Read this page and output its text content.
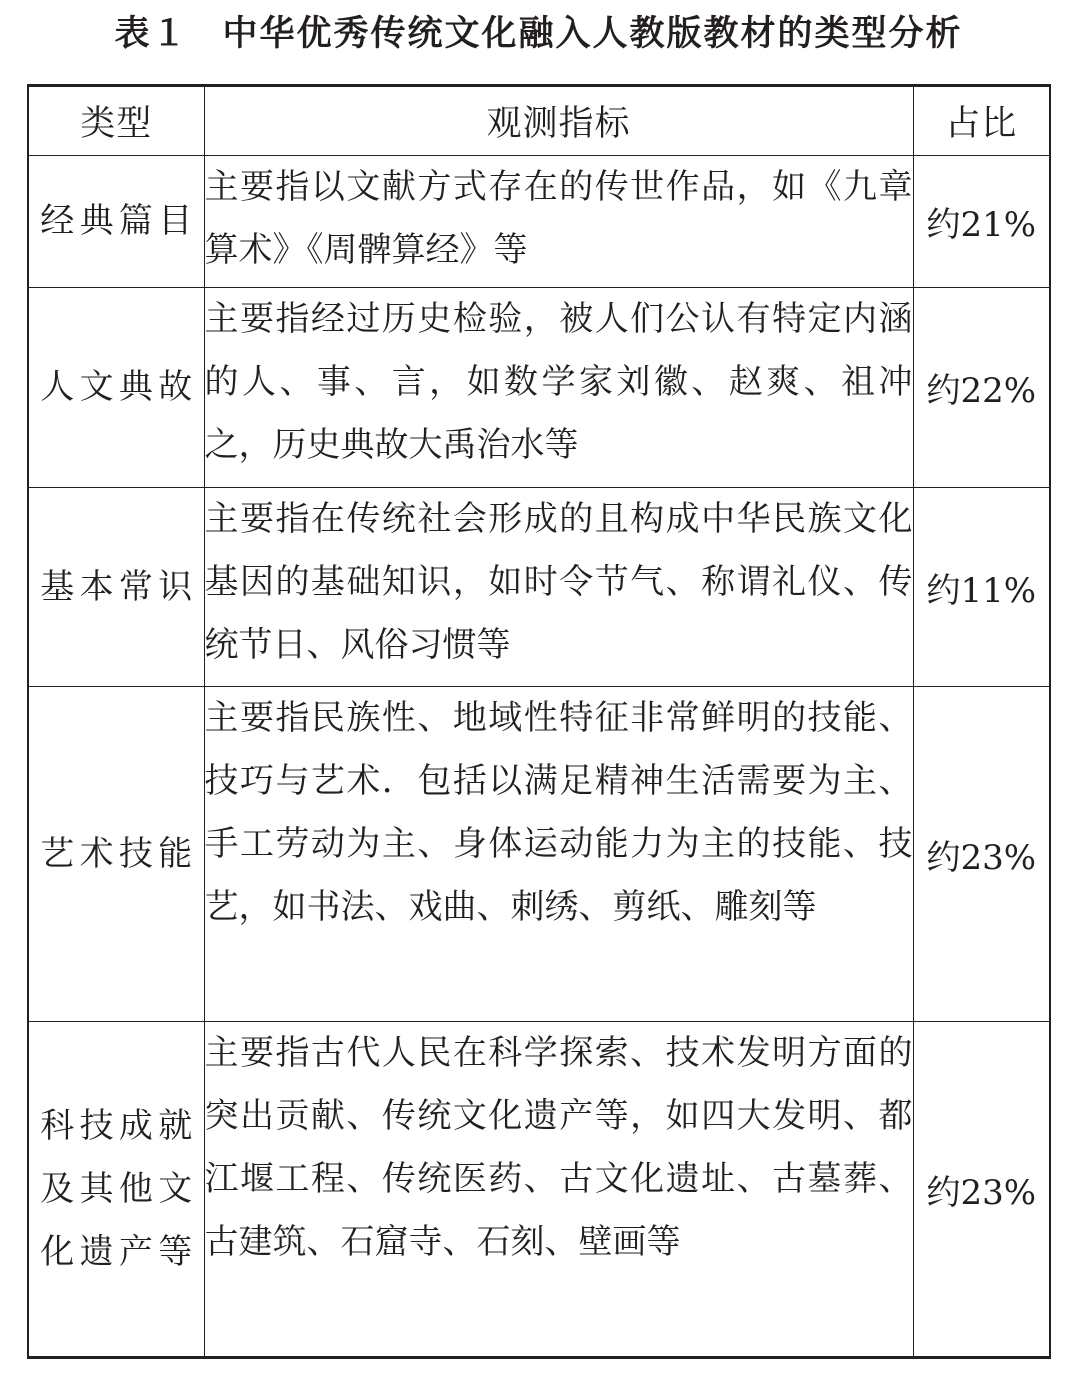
表１ 中华优秀传统文化融入人教版教材的类型分析
类型	观测指标	占比
经典篇目	主要指以文献方式存在的传世作品，如《九章算术》《周髀算经》等	约21%
人文典故	主要指经过历史检验，被人们公认有特定内涵的人、事、言，如数学家刘徽、赵爽、祖冲之，历史典故大禹治水等	约22%
基本常识	主要指在传统社会形成的且构成中华民族文化基因的基础知识，如时令节气、称谓礼仪、传统节日、风俗习惯等	约11%
艺术技能	主要指民族性、地域性特征非常鲜明的技能、技巧与艺术．包括以满足精神生活需要为主、手工劳动为主、身体运动能力为主的技能、技艺，如书法、戏曲、刺绣、剪纸、雕刻等	约23%
科技成就及其他文化遗产等	主要指古代人民在科学探索、技术发明方面的突出贡献、传统文化遗产等，如四大发明、都江堰工程、传统医药、古文化遗址、古墓葬、古建筑、石窟寺、石刻、壁画等	约23%
